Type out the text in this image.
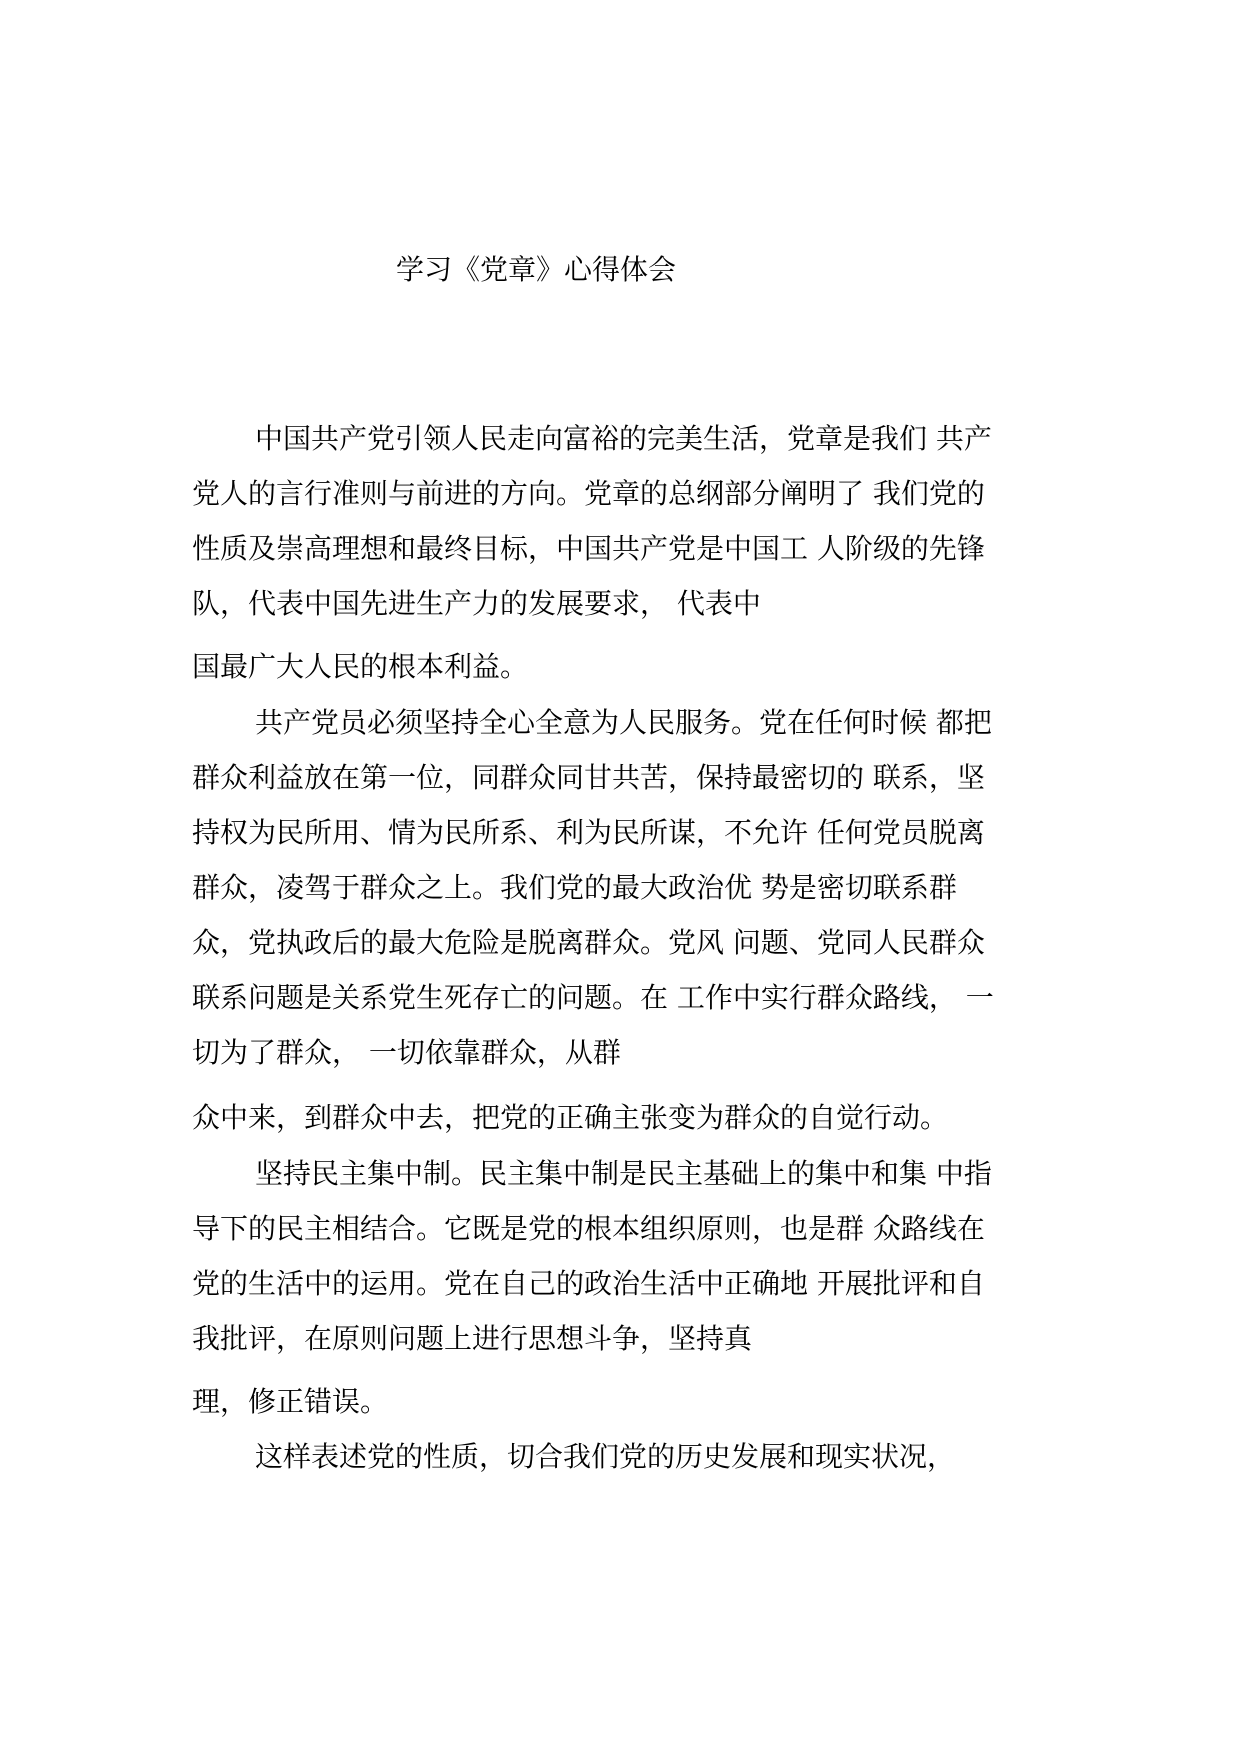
学习《党章》心得体会
中国共产党引领人民走向富裕的完美生活，党章是我们 共产
党人的言行准则与前进的方向。党章的总纲部分阐明了 我们党的
性质及崇高理想和最终目标，中国共产党是中国工 人阶级的先锋
队，代表中国先进生产力的发展要求， 代表中
国最广大人民的根本利益。
共产党员必须坚持全心全意为人民服务。党在任何时候 都把
群众利益放在第一位，同群众同甘共苦，保持最密切的 联系，坚
持权为民所用、情为民所系、利为民所谋，不允许 任何党员脱离
群众，凌驾于群众之上。我们党的最大政治优 势是密切联系群
众，党执政后的最大危险是脱离群众。党风 问题、党同人民群众
联系问题是关系党生死存亡的问题。在 工作中实行群众路线， 一
切为了群众， 一切依靠群众，从群
众中来，到群众中去，把党的正确主张变为群众的自觉行动。
坚持民主集中制。民主集中制是民主基础上的集中和集 中指
导下的民主相结合。它既是党的根本组织原则，也是群 众路线在
党的生活中的运用。党在自己的政治生活中正确地 开展批评和自
我批评，在原则问题上进行思想斗争，坚持真
理，修正错误。
这样表述党的性质，切合我们党的历史发展和现实状况，
